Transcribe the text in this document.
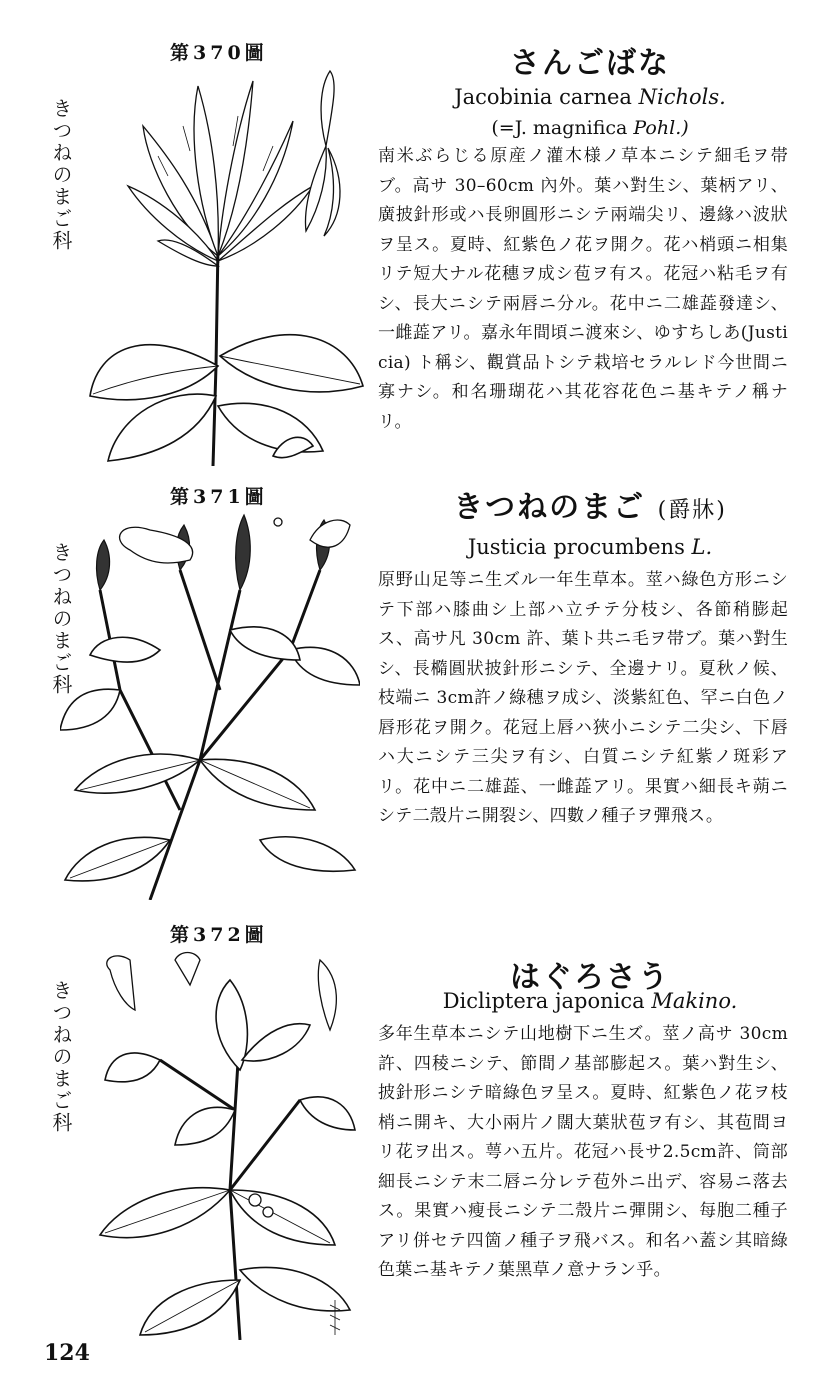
第370圖
きつねのまご科
さんごばな
Jacobinia carnea Nichols.
(=J. magnifica Pohl.)

南米ぶらじる原産ノ灌木様ノ草本ニシテ細毛ヲ帯ブ。高サ 30–60cm 內外。葉ハ對生シ、葉柄アリ、廣披針形或ハ長卵圓形ニシテ兩端尖リ、邊緣ハ波狀ヲ呈ス。夏時、紅紫色ノ花ヲ開ク。花ハ梢頭ニ相集リテ短大ナル花穗ヲ成シ苞ヲ有ス。花冠ハ粘毛ヲ有シ、長大ニシテ兩唇ニ分ル。花中ニ二雄蕋發達シ、一雌蕋アリ。嘉永年間頃ニ渡來シ、ゆすちしあ(Justicia) ト稱シ、觀賞品トシテ栽培セラルレド今世間ニ寡ナシ。和名珊瑚花ハ其花容花色ニ基キテノ稱ナリ。

第371圖
きつねのまご科
きつねのまご (爵牀)
Justicia procumbens L.

原野山足等ニ生ズル一年生草本。莖ハ綠色方形ニシテ下部ハ膝曲シ上部ハ立チテ分枝シ、各節稍膨起ス、高サ凡 30cm 許、葉ト共ニ毛ヲ帯ブ。葉ハ對生シ、長橢圓狀披針形ニシテ、全邊ナリ。夏秋ノ候、枝端ニ 3cm許ノ綠穗ヲ成シ、淡紫紅色、罕ニ白色ノ唇形花ヲ開ク。花冠上唇ハ狹小ニシテ二尖シ、下唇ハ大ニシテ三尖ヲ有シ、白質ニシテ紅紫ノ斑彩アリ。花中ニ二雄蕋、一雌蕋アリ。果實ハ細長キ蒴ニシテ二殼片ニ開裂シ、四數ノ種子ヲ彈飛ス。

第372圖
きつねのまご科
はぐろさう
Dicliptera japonica Makino.

多年生草本ニシテ山地樹下ニ生ズ。莖ノ高サ 30cm 許、四稜ニシテ、節間ノ基部膨起ス。葉ハ對生シ、披針形ニシテ暗綠色ヲ呈ス。夏時、紅紫色ノ花ヲ枝梢ニ開キ、大小兩片ノ闊大葉狀苞ヲ有シ、其苞間ヨリ花ヲ出ス。萼ハ五片。花冠ハ長サ2.5cm許、筒部細長ニシテ末二唇ニ分レテ苞外ニ出デ、容易ニ落去ス。果實ハ瘦長ニシテ二殼片ニ彈開シ、每胞二種子アリ併セテ四箇ノ種子ヲ飛バス。和名ハ蓋シ其暗綠色葉ニ基キテノ葉黑草ノ意ナラン乎。

124
